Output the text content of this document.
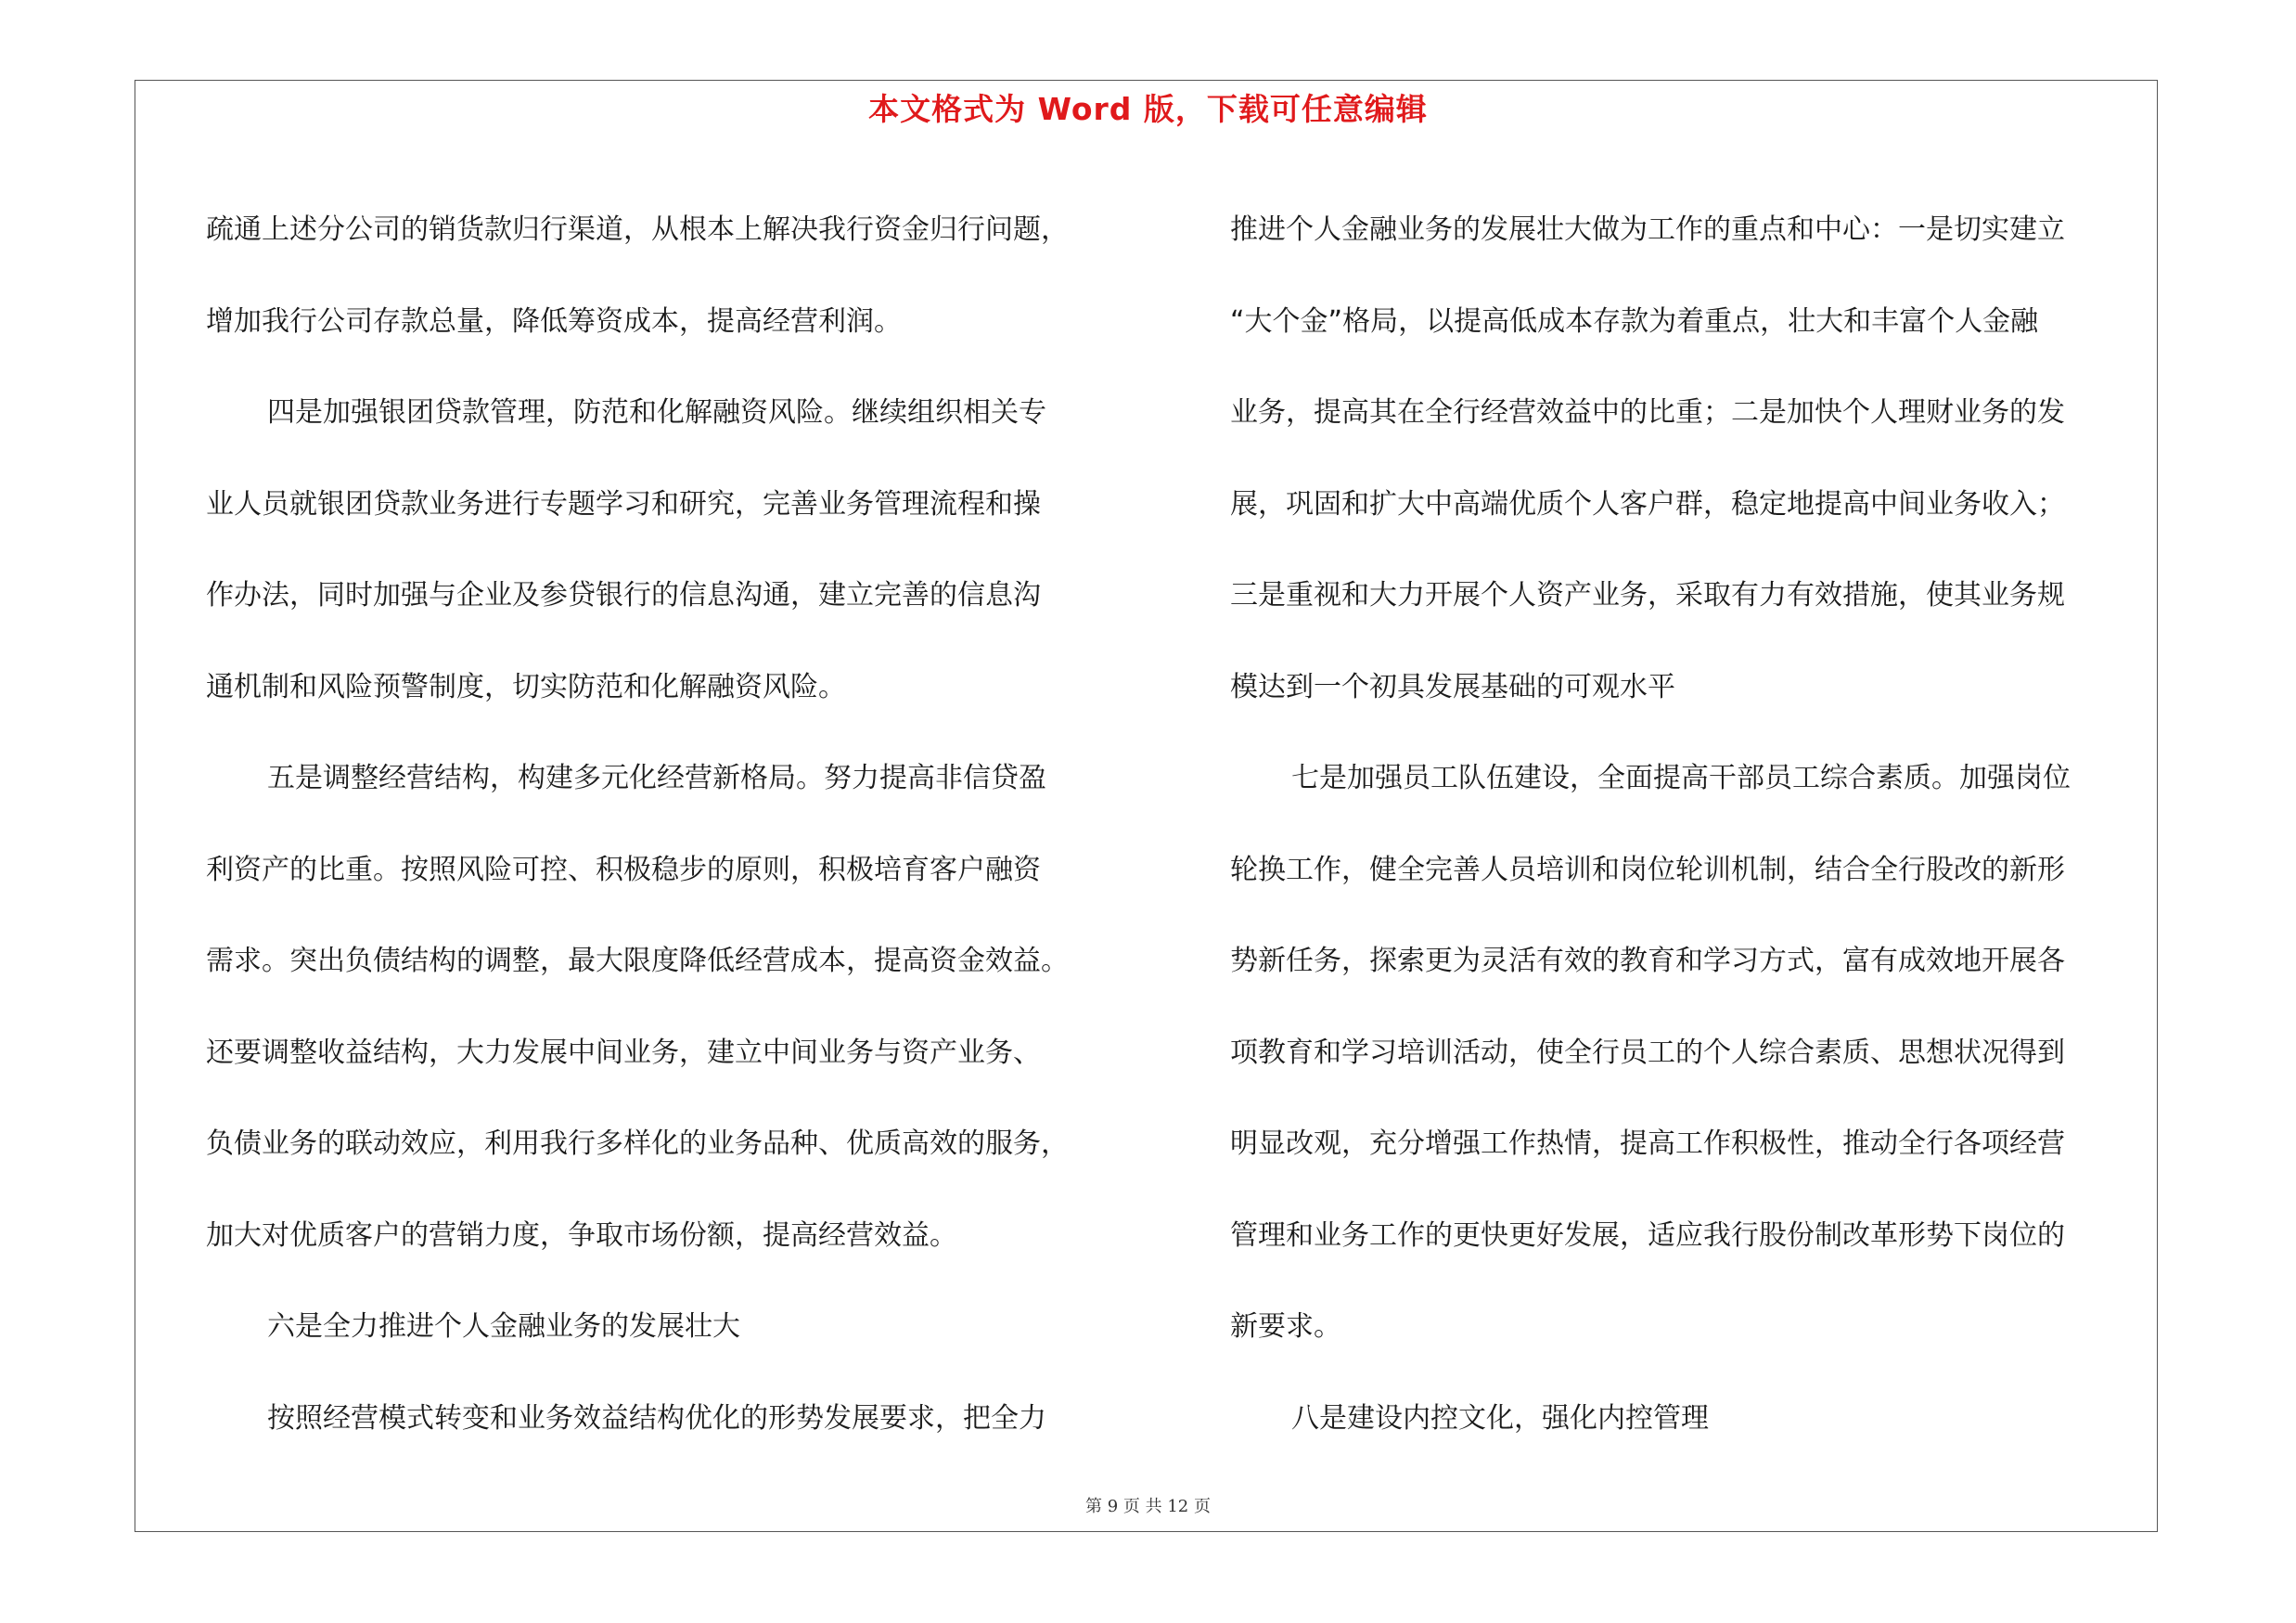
本文格式为 Word 版，下载可任意编辑
疏通上述分公司的销货款归行渠道，从根本上解决我行资金归行问题，
增加我行公司存款总量，降低筹资成本，提高经营利润。
四是加强银团贷款管理，防范和化解融资风险。继续组织相关专
业人员就银团贷款业务进行专题学习和研究，完善业务管理流程和操
作办法，同时加强与企业及参贷银行的信息沟通，建立完善的信息沟
通机制和风险预警制度，切实防范和化解融资风险。
五是调整经营结构，构建多元化经营新格局。努力提高非信贷盈
利资产的比重。按照风险可控、积极稳步的原则，积极培育客户融资
需求。突出负债结构的调整，最大限度降低经营成本，提高资金效益。
还要调整收益结构，大力发展中间业务，建立中间业务与资产业务、
负债业务的联动效应，利用我行多样化的业务品种、优质高效的服务，
加大对优质客户的营销力度，争取市场份额，提高经营效益。
六是全力推进个人金融业务的发展壮大
按照经营模式转变和业务效益结构优化的形势发展要求，把全力
推进个人金融业务的发展壮大做为工作的重点和中心：一是切实建立
“大个金”格局，以提高低成本存款为着重点，壮大和丰富个人金融
业务，提高其在全行经营效益中的比重；二是加快个人理财业务的发
展，巩固和扩大中高端优质个人客户群，稳定地提高中间业务收入；
三是重视和大力开展个人资产业务，采取有力有效措施，使其业务规
模达到一个初具发展基础的可观水平
七是加强员工队伍建设，全面提高干部员工综合素质。加强岗位
轮换工作，健全完善人员培训和岗位轮训机制，结合全行股改的新形
势新任务，探索更为灵活有效的教育和学习方式，富有成效地开展各
项教育和学习培训活动，使全行员工的个人综合素质、思想状况得到
明显改观，充分增强工作热情，提高工作积极性，推动全行各项经营
管理和业务工作的更快更好发展，适应我行股份制改革形势下岗位的
新要求。
八是建设内控文化，强化内控管理
第 9 页 共 12 页
